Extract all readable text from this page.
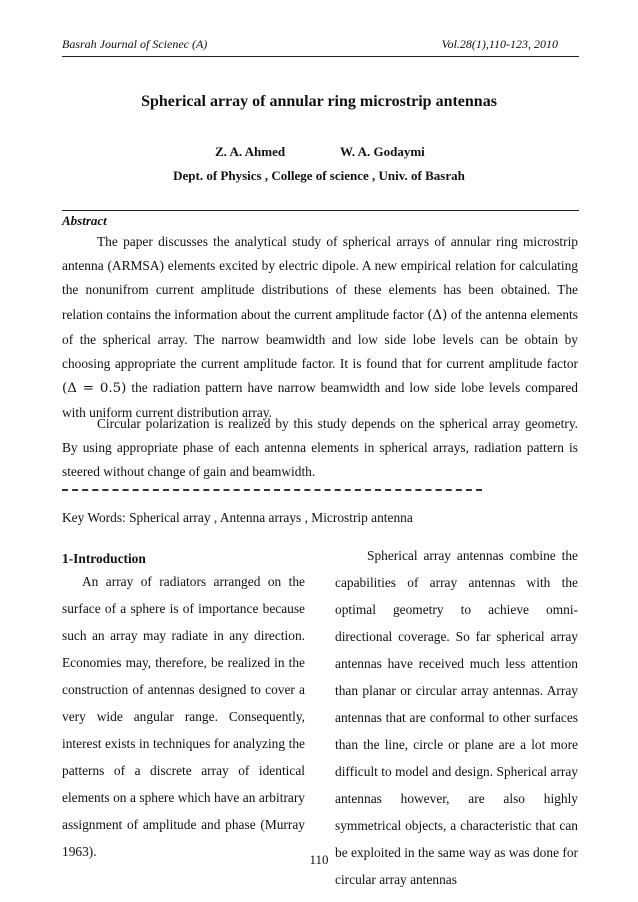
Basrah Journal of Scienec (A)	Vol.28(1),110-123, 2010
Spherical array of annular ring microstrip antennas
Z. A. Ahmed	W. A. Godaymi
Dept. of Physics , College of science , Univ. of Basrah
Abstract

The paper discusses the analytical study of spherical arrays of annular ring microstrip antenna (ARMSA) elements excited by electric dipole. A new empirical relation for calculating the nonunifrom current amplitude distributions of these elements has been obtained. The relation contains the information about the current amplitude factor (Δ) of the antenna elements of the spherical array. The narrow beamwidth and low side lobe levels can be obtain by choosing appropriate the current amplitude factor. It is found that for current amplitude factor (Δ = 0.5) the radiation pattern have narrow beamwidth and low side lobe levels compared with uniform current distribution array.

Circular polarization is realized by this study depends on the spherical array geometry. By using appropriate phase of each antenna elements in spherical arrays, radiation pattern is steered without change of gain and beamwidth.

Key Words: Spherical array , Antenna arrays , Microstrip antenna
1-Introduction

An array of radiators arranged on the surface of a sphere is of importance because such an array may radiate in any direction. Economies may, therefore, be realized in the construction of antennas designed to cover a very wide angular range. Consequently, interest exists in techniques for analyzing the patterns of a discrete array of identical elements on a sphere which have an arbitrary assignment of amplitude and phase (Murray 1963).

Spherical array antennas combine the capabilities of array antennas with the optimal geometry to achieve omni-directional coverage. So far spherical array antennas have received much less attention than planar or circular array antennas. Array antennas that are conformal to other surfaces than the line, circle or plane are a lot more difficult to model and design. Spherical array antennas however, are also highly symmetrical objects, a characteristic that can be exploited in the same way as was done for circular array antennas

110
